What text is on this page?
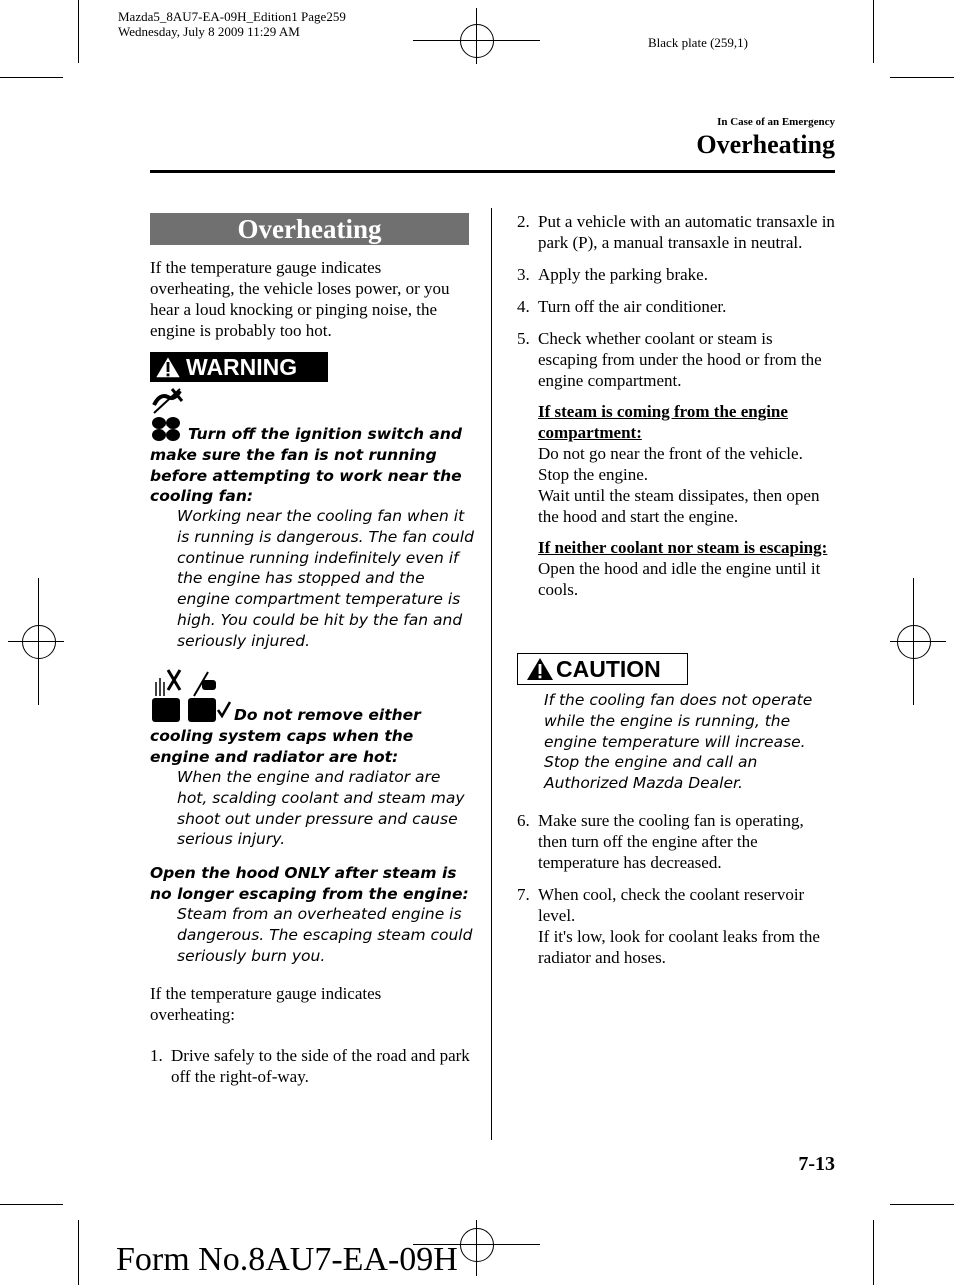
Mazda5_8AU7-EA-09H_Edition1 Page259
Wednesday, July 8 2009 11:29 AM
Black plate (259,1)
In Case of an Emergency
Overheating
Overheating
If the temperature gauge indicates overheating, the vehicle loses power, or you hear a loud knocking or pinging noise, the engine is probably too hot.
WARNING
Turn off the ignition switch and make sure the fan is not running before attempting to work near the cooling fan:
Working near the cooling fan when it is running is dangerous. The fan could continue running indefinitely even if the engine has stopped and the engine compartment temperature is high. You could be hit by the fan and seriously injured.
Do not remove either cooling system caps when the engine and radiator are hot:
When the engine and radiator are hot, scalding coolant and steam may shoot out under pressure and cause serious injury.
Open the hood ONLY after steam is no longer escaping from the engine:
Steam from an overheated engine is dangerous. The escaping steam could seriously burn you.
If the temperature gauge indicates overheating:
1. Drive safely to the side of the road and park off the right-of-way.
2. Put a vehicle with an automatic transaxle in park (P), a manual transaxle in neutral.
3. Apply the parking brake.
4. Turn off the air conditioner.
5. Check whether coolant or steam is escaping from under the hood or from the engine compartment.
If steam is coming from the engine compartment:
Do not go near the front of the vehicle. Stop the engine.
Wait until the steam dissipates, then open the hood and start the engine.
If neither coolant nor steam is escaping:
Open the hood and idle the engine until it cools.
CAUTION
If the cooling fan does not operate while the engine is running, the engine temperature will increase. Stop the engine and call an Authorized Mazda Dealer.
6. Make sure the cooling fan is operating, then turn off the engine after the temperature has decreased.
7. When cool, check the coolant reservoir level.
If it's low, look for coolant leaks from the radiator and hoses.
7-13
Form No.8AU7-EA-09H
